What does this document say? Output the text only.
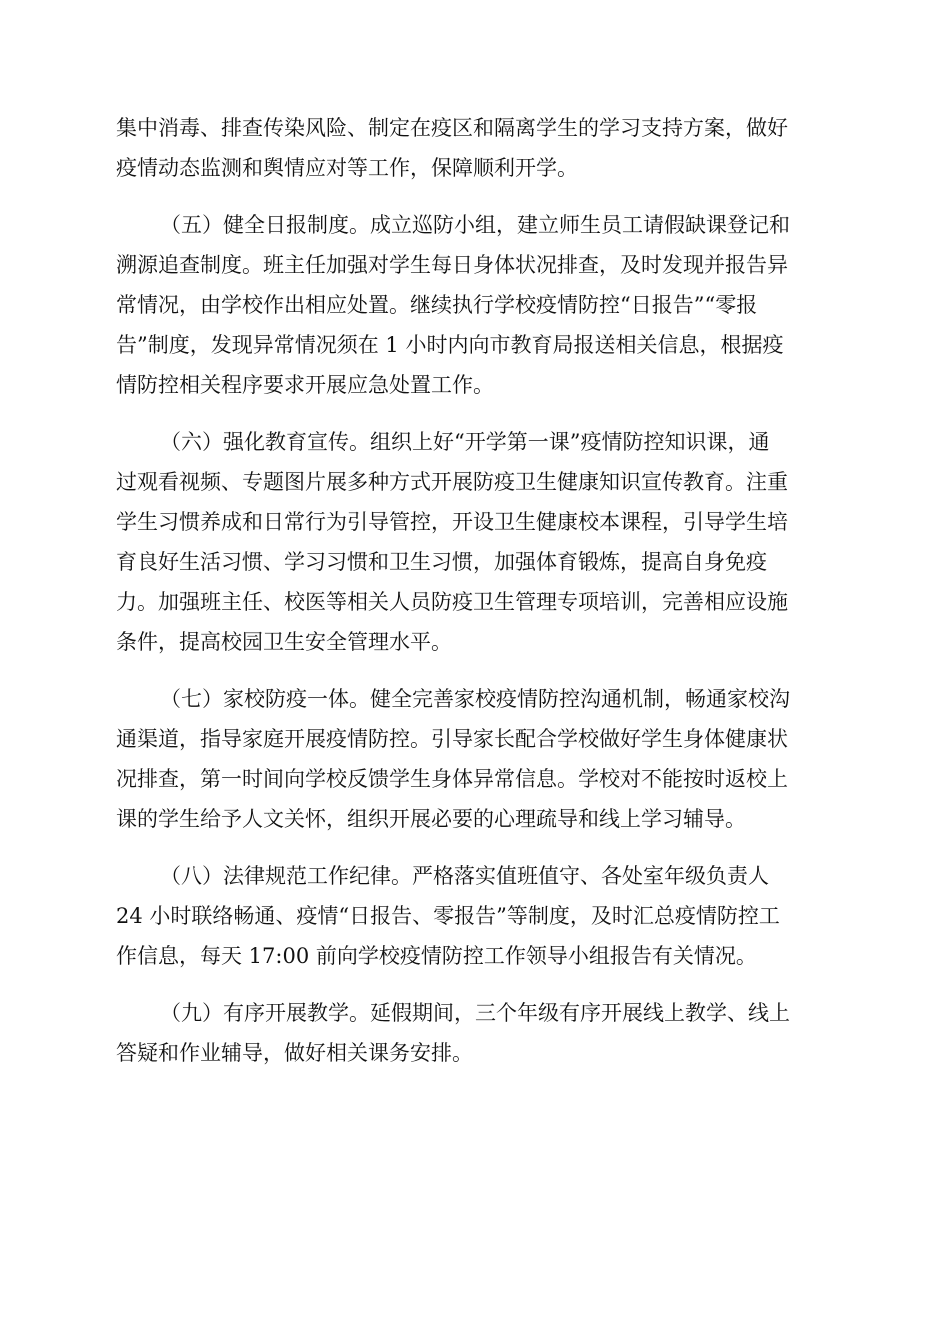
集中消毒、排查传染风险、制定在疫区和隔离学生的学习支持方案，做好
疫情动态监测和舆情应对等工作，保障顺利开学。
（五）健全日报制度。成立巡防小组，建立师生员工请假缺课登记和
溯源追查制度。班主任加强对学生每日身体状况排查，及时发现并报告异
常情况，由学校作出相应处置。继续执行学校疫情防控“日报告”“零报
告”制度，发现异常情况须在 1 小时内向市教育局报送相关信息，根据疫
情防控相关程序要求开展应急处置工作。
（六）强化教育宣传。组织上好“开学第一课”疫情防控知识课，通
过观看视频、专题图片展多种方式开展防疫卫生健康知识宣传教育。注重
学生习惯养成和日常行为引导管控，开设卫生健康校本课程，引导学生培
育良好生活习惯、学习习惯和卫生习惯，加强体育锻炼，提高自身免疫
力。加强班主任、校医等相关人员防疫卫生管理专项培训，完善相应设施
条件，提高校园卫生安全管理水平。
（七）家校防疫一体。健全完善家校疫情防控沟通机制，畅通家校沟
通渠道，指导家庭开展疫情防控。引导家长配合学校做好学生身体健康状
况排查，第一时间向学校反馈学生身体异常信息。学校对不能按时返校上
课的学生给予人文关怀，组织开展必要的心理疏导和线上学习辅导。
（八）法律规范工作纪律。严格落实值班值守、各处室年级负责人
24 小时联络畅通、疫情“日报告、零报告”等制度，及时汇总疫情防控工
作信息，每天 17:00 前向学校疫情防控工作领导小组报告有关情况。
（九）有序开展教学。延假期间，三个年级有序开展线上教学、线上
答疑和作业辅导，做好相关课务安排。
